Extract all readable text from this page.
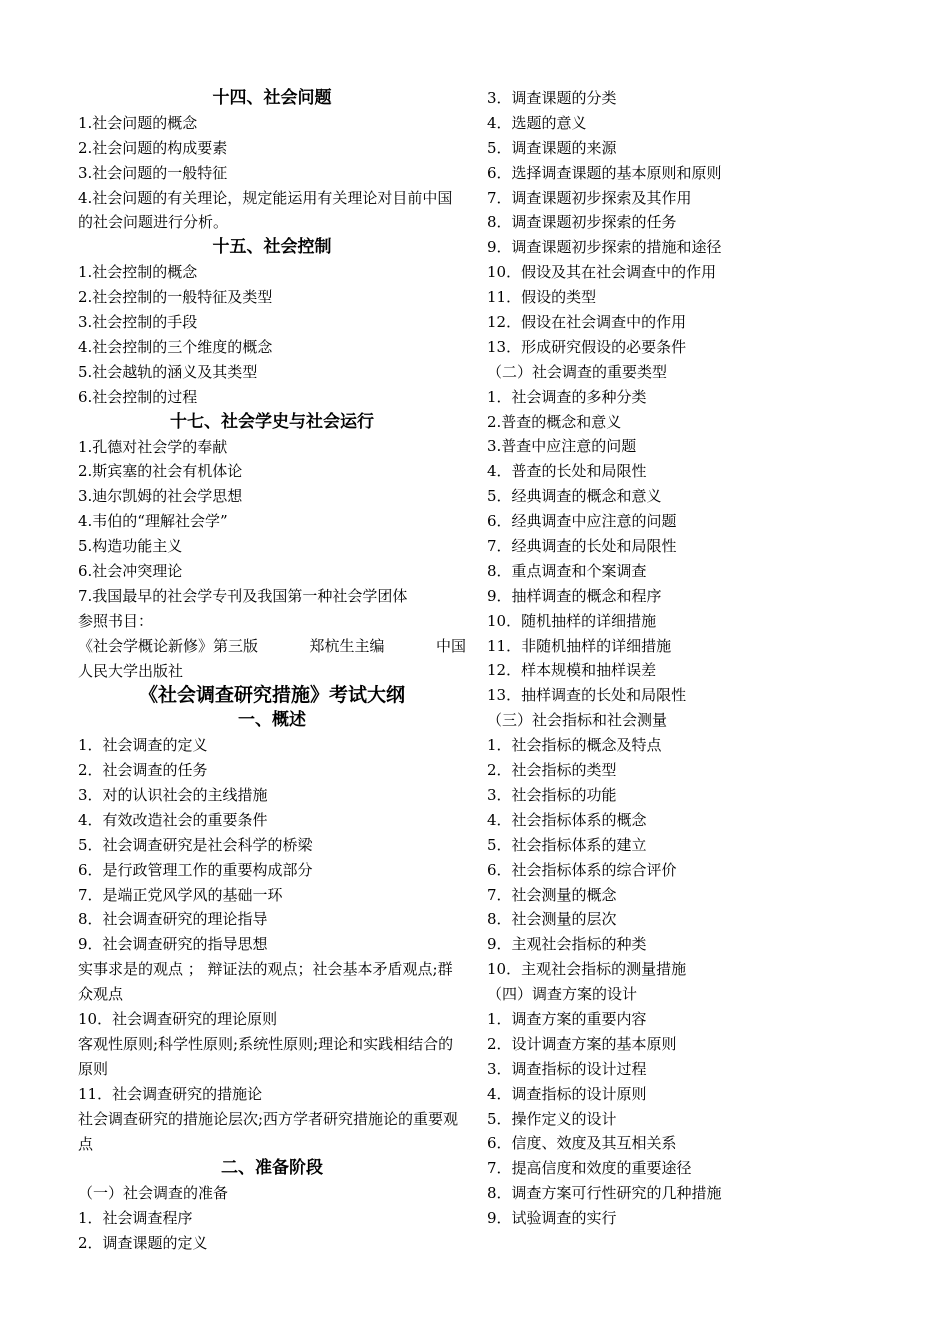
十四、社会问题
1.社会问题的概念
2.社会问题的构成要素
3.社会问题的一般特征
4.社会问题的有关理论，规定能运用有关理论对目前中国的社会问题进行分析。
十五、社会控制
1.社会控制的概念
2.社会控制的一般特征及类型
3.社会控制的手段
4.社会控制的三个维度的概念
5.社会越轨的涵义及其类型
6.社会控制的过程
十七、社会学史与社会运行
1.孔德对社会学的奉献
2.斯宾塞的社会有机体论
3.迪尔凯姆的社会学思想
4.韦伯的“理解社会学”
5.构造功能主义
6.社会冲突理论
7.我国最早的社会学专刊及我国第一种社会学团体
参照书目：
《社会学概论新修》第三版	郑杭生主编	中国
人民大学出版社
《社会调查研究措施》考试大纲
一、概述
1．社会调查的定义
2．社会调查的任务
3．对的认识社会的主线措施
4．有效改造社会的重要条件
5．社会调查研究是社会科学的桥梁
6．是行政管理工作的重要构成部分
7．是端正党风学风的基础一环
8．社会调查研究的理论指导
9．社会调查研究的指导思想
实事求是的观点 ； 辩证法的观点；社会基本矛盾观点;群众观点
10．社会调查研究的理论原则
客观性原则;科学性原则;系统性原则;理论和实践相结合的原则
11．社会调查研究的措施论
社会调查研究的措施论层次;西方学者研究措施论的重要观点
二、准备阶段
（一）社会调查的准备
1．社会调查程序
2．调查课题的定义
3．调查课题的分类
4．选题的意义
5．调查课题的来源
6．选择调查课题的基本原则和原则
7．调查课题初步探索及其作用
8．调查课题初步探索的任务
9．调查课题初步探索的措施和途径
10．假设及其在社会调查中的作用
11．假设的类型
12．假设在社会调查中的作用
13．形成研究假设的必要条件
（二）社会调查的重要类型
1．社会调查的多种分类
2.普查的概念和意义
3.普查中应注意的问题
4．普查的长处和局限性
5．经典调查的概念和意义
6．经典调查中应注意的问题
7．经典调查的长处和局限性
8．重点调查和个案调查
9．抽样调查的概念和程序
10．随机抽样的详细措施
11．非随机抽样的详细措施
12．样本规模和抽样误差
13．抽样调查的长处和局限性
（三）社会指标和社会测量
1．社会指标的概念及特点
2．社会指标的类型
3．社会指标的功能
4．社会指标体系的概念
5．社会指标体系的建立
6．社会指标体系的综合评价
7．社会测量的概念
8．社会测量的层次
9．主观社会指标的种类
10．主观社会指标的测量措施
（四）调查方案的设计
1．调查方案的重要内容
2．设计调查方案的基本原则
3．调查指标的设计过程
4．调查指标的设计原则
5．操作定义的设计
6．信度、效度及其互相关系
7．提高信度和效度的重要途径
8．调查方案可行性研究的几种措施
9．试验调查的实行
